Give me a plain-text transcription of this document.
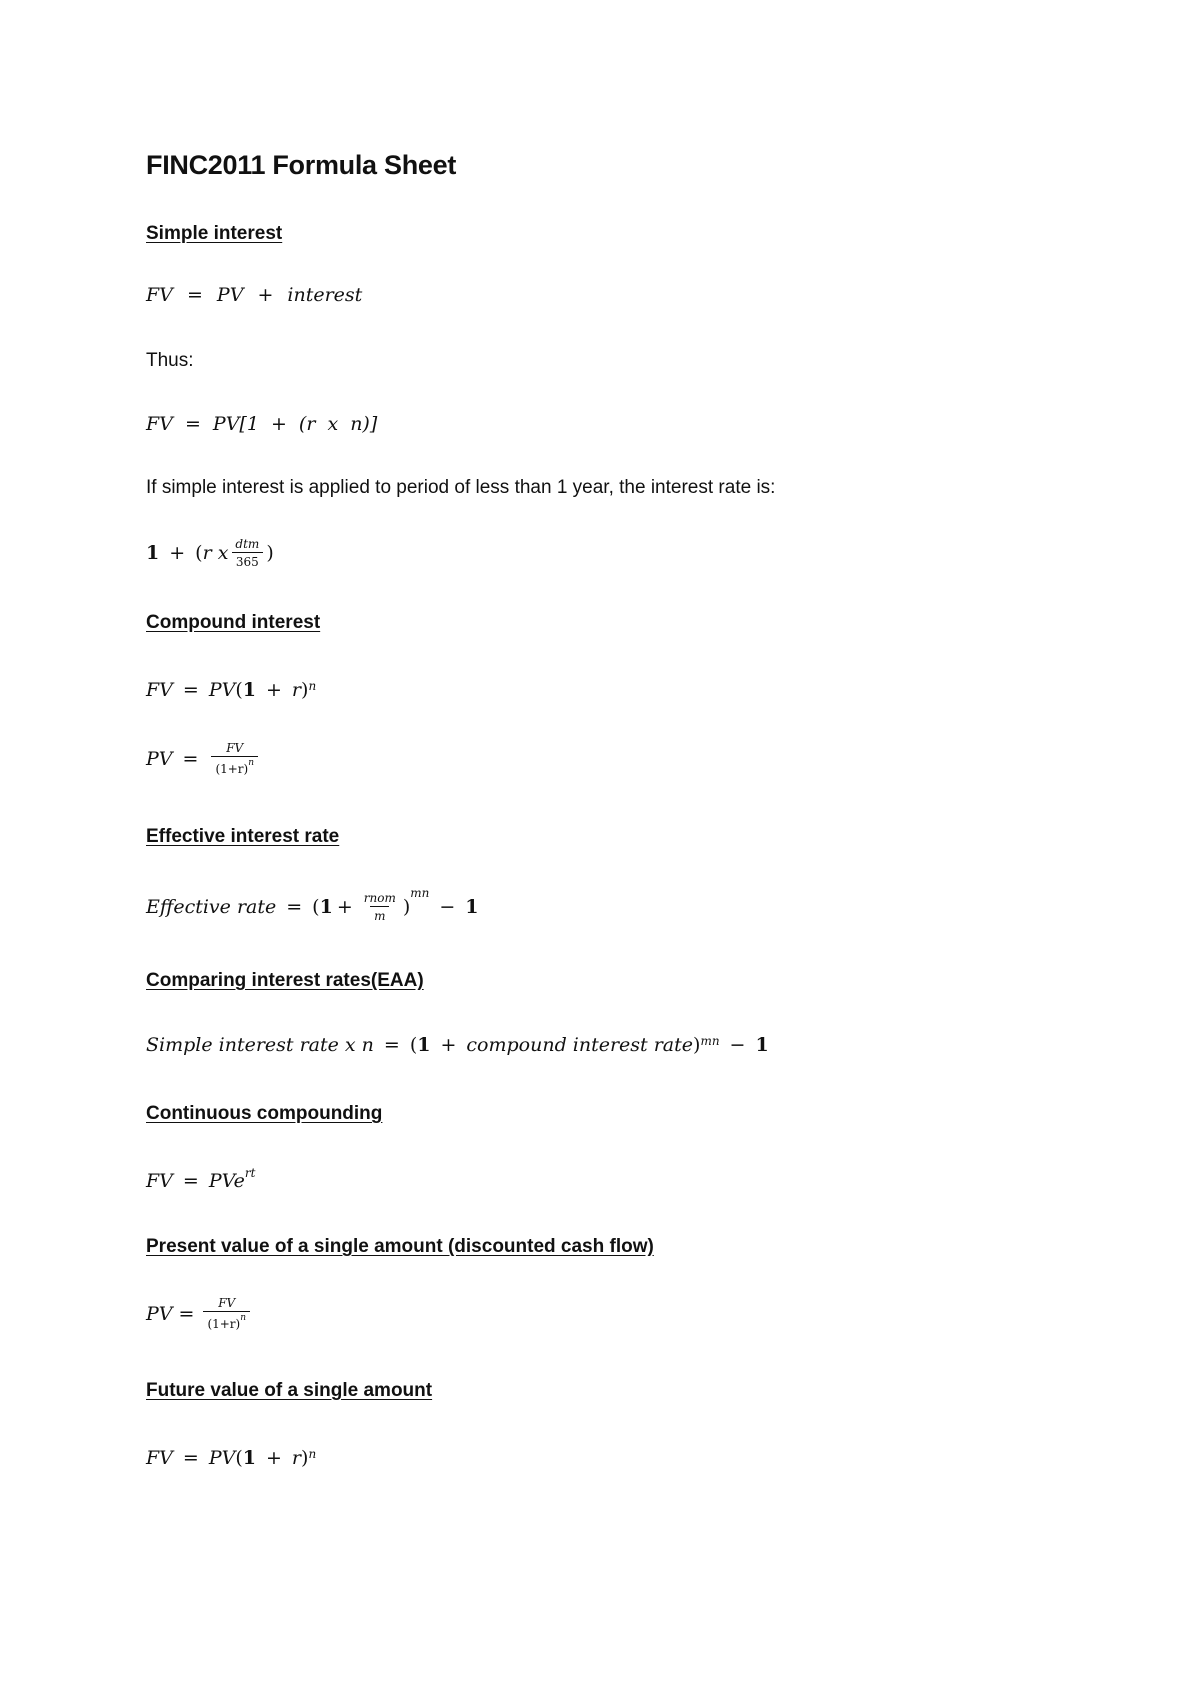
FINC2011 Formula Sheet
Simple interest
FV = PV + interest
Thus:
FV = PV[1 + (r x n)]
If simple interest is applied to period of less than 1 year, the interest rate is:
1 + ( r x $\frac{\text{dtm}}{365}$ )
Compound interest
FV = PV ( 1 + r )$^n$
PV = $\frac{FV}{(1+r)^n}$
Effective interest rate
Effective rate = ( $1 + \frac{\text{rnom}}{m}$ )
$^{mn}$
− 1
Comparing interest rates(EAA)
Simple interest rate x n = ( 1 + compound interest rate )$^{mn}$ − 1
Continuous compounding
FV = PVe$^{rt}$
Present value of a single amount (discounted cash flow)
PV = $\frac{FV}{(1+r)^n}$
Future value of a single amount
FV = PV ( 1 + r )$^n$
